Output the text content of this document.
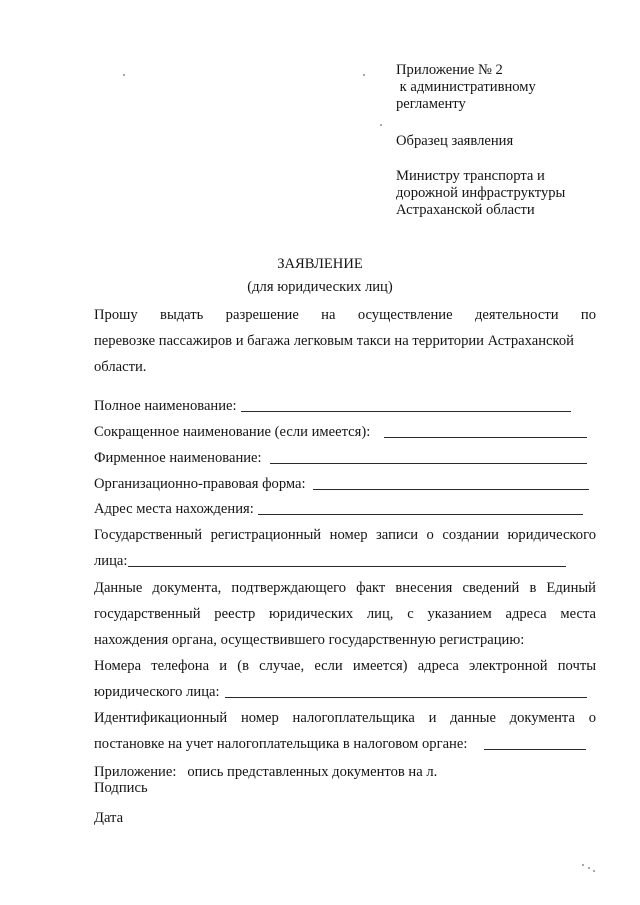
Приложение № 2
к административному
регламенту
Образец заявления
Министру транспорта и
дорожной инфраструктуры
Астраханской области
ЗАЯВЛЕНИЕ
(для юридических лиц)
Прошу выдать разрешение на осуществление деятельности по
перевозке пассажиров и багажа легковым такси на территории Астраханской
области.
Полное наименование:
Сокращенное наименование (если имеется):
Фирменное наименование:
Организационно-правовая форма:
Адрес места нахождения:
Государственный регистрационный номер записи о создании юридического
лица:
Данные документа, подтверждающего факт внесения сведений в Единый
государственный реестр юридических лиц, с указанием адреса места
нахождения органа, осуществившего государственную регистрацию:
Номера телефона и (в случае, если имеется) адреса электронной почты
юридического лица:
Идентификационный номер налогоплательщика и данные документа о
постановке на учет налогоплательщика в налоговом органе:
Приложение:   опись представленных документов на л.
Подпись
Дата
